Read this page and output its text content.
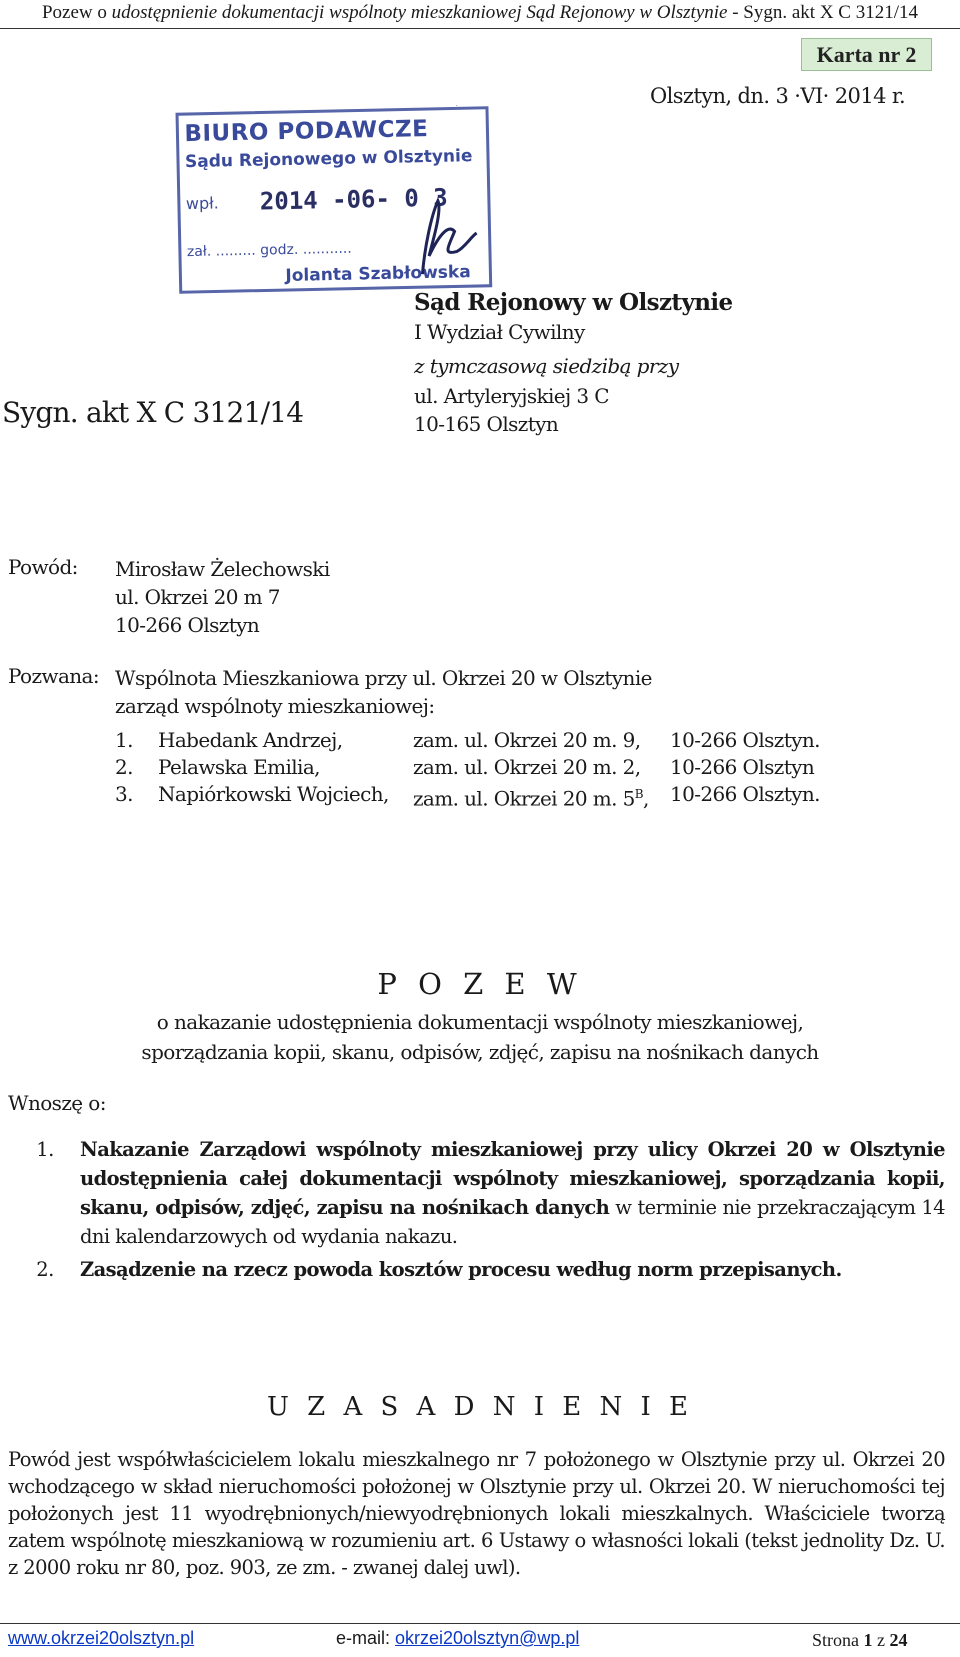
Pozew o udostępnienie dokumentacji wspólnoty mieszkaniowej Sąd Rejonowy w Olsztynie - Sygn. akt X C 3121/14
Karta nr 2
Olsztyn, dn. 3 ·VI· 2014 r.
BIURO PODAWCZE
Sądu Rejonowego w Olsztynie
wpł. 2014 -06- 0 3
zał. ......... godz. ...........
Jolanta Szabłowska
Sąd Rejonowy w Olsztynie
I Wydział Cywilny
z tymczasową siedzibą przy
ul. Artyleryjskiej 3 C
10-165 Olsztyn
Sygn. akt X C 3121/14
Powód: Mirosław Żelechowski
ul. Okrzei 20 m 7
10-266 Olsztyn
Pozwana: Wspólnota Mieszkaniowa przy ul. Okrzei 20 w Olsztynie
zarząd wspólnoty mieszkaniowej:
1. Habedank Andrzej,	zam. ul. Okrzei 20 m. 9, 10-266 Olsztyn.
2. Pelawska Emilia,	zam. ul. Okrzei 20 m. 2, 10-266 Olsztyn
3. Napiórkowski Wojciech, zam. ul. Okrzei 20 m. $5^B$, 10-266 Olsztyn.
P O Z E W
o nakazanie udostępnienia dokumentacji wspólnoty mieszkaniowej,
sporządzania kopii, skanu, odpisów, zdjęć, zapisu na nośnikach danych
Wnoszę o:
1.	Nakazanie Zarządowi wspólnoty mieszkaniowej przy ulicy Okrzei 20 w Olsztynie udostępnienia całej dokumentacji wspólnoty mieszkaniowej, sporządzania kopii, skanu, odpisów, zdjęć, zapisu na nośnikach danych w terminie nie przekraczającym 14 dni kalendarzowych od wydania nakazu.
2.	Zasądzenie na rzecz powoda kosztów procesu według norm przepisanych.
U Z A S A D N I E N I E
Powód jest współwłaścicielem lokalu mieszkalnego nr 7 położonego w Olsztynie przy ul. Okrzei 20 wchodzącego w skład nieruchomości położonej w Olsztynie przy ul. Okrzei 20. W nieruchomości tej położonych jest 11 wyodrębnionych/niewyodrębnionych lokali mieszkalnych. Właściciele tworzą zatem wspólnotę mieszkaniową w rozumieniu art. 6 Ustawy o własności lokali (tekst jednolity Dz. U. z 2000 roku nr 80, poz. 903, ze zm. - zwanej dalej uwl).
www.okrzei20olsztyn.pl	e-mail: okrzei20olsztyn@wp.pl	Strona 1 z 24
